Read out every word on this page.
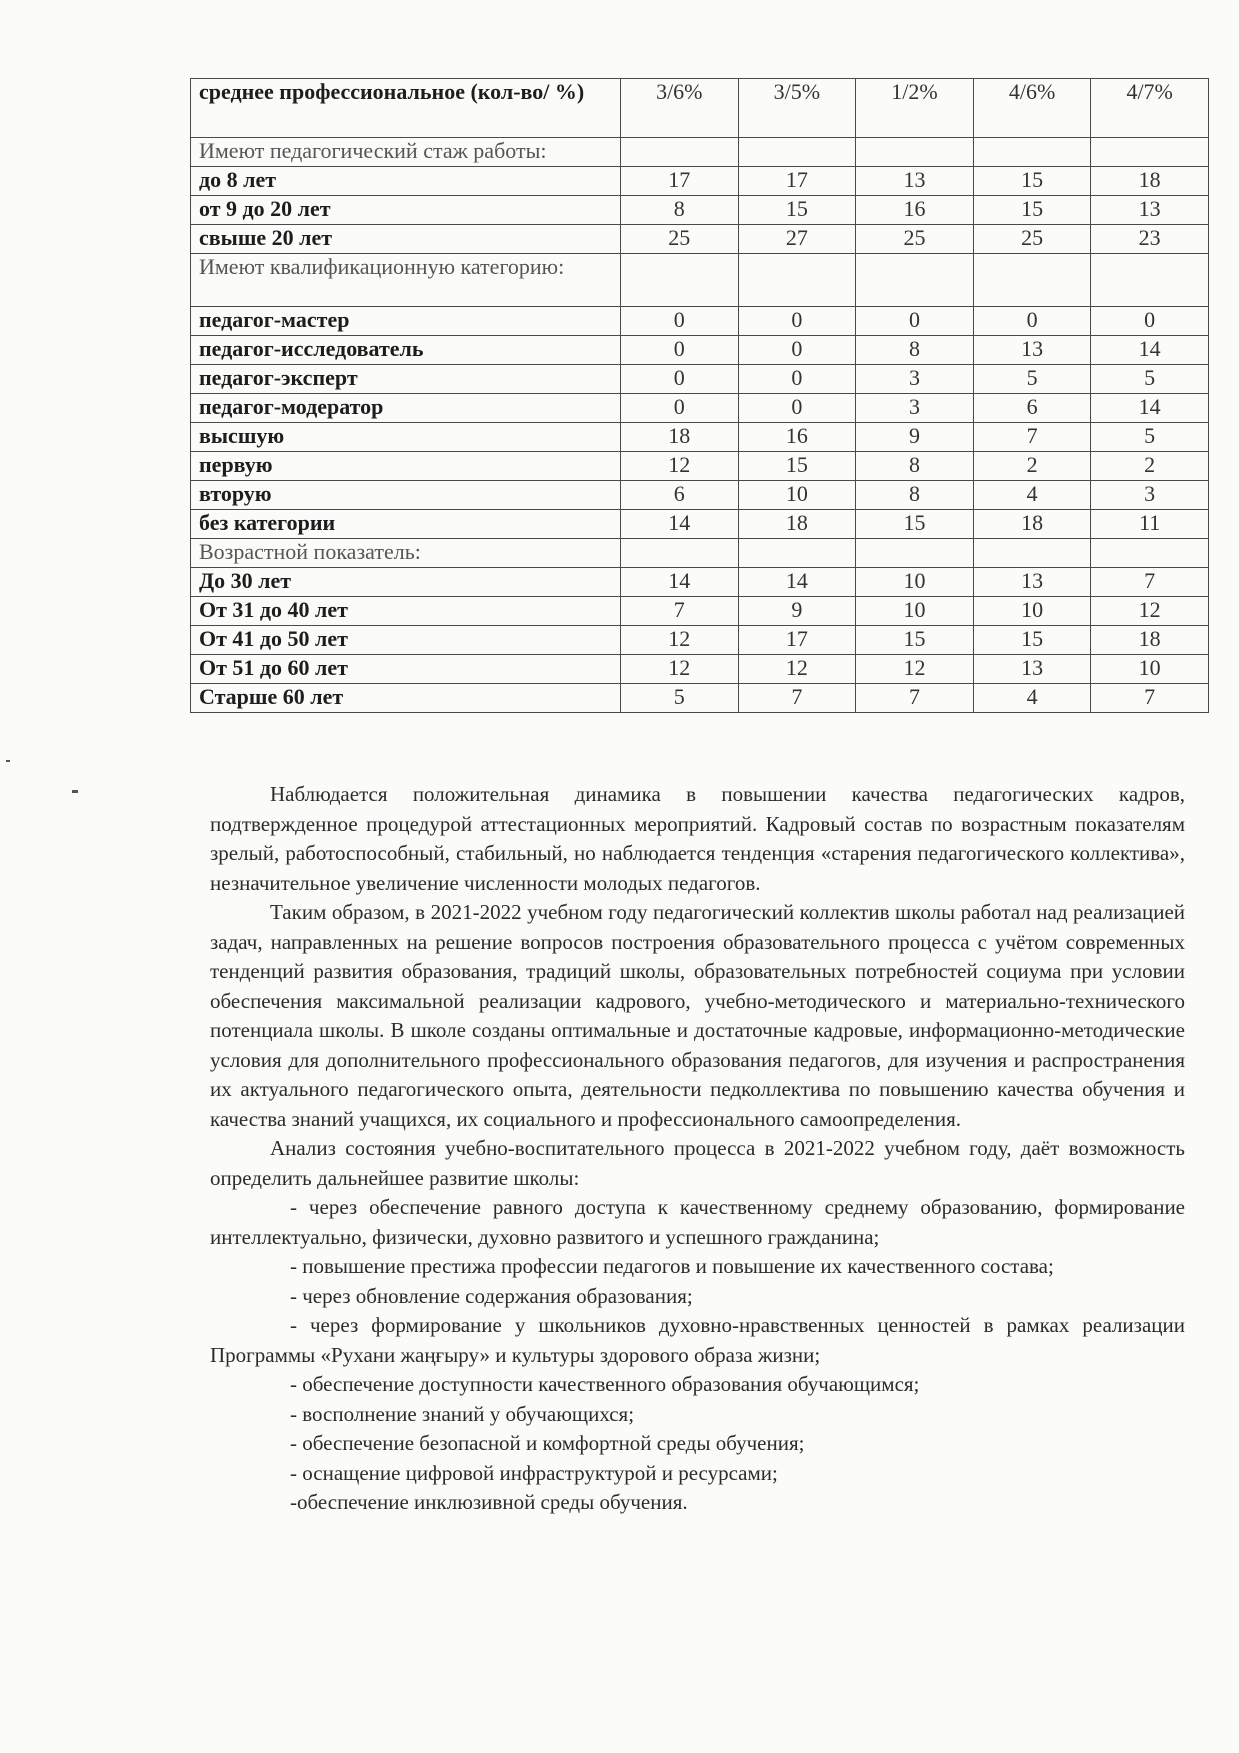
среднее профессиональное (кол-во/ %)	3/6%	3/5%	1/2%	4/6%	4/7%
Имеют педагогический стаж работы:					
до 8 лет	17	17	13	15	18
от 9 до 20 лет	8	15	16	15	13
свыше 20 лет	25	27	25	25	23
Имеют квалификационную категорию:					
педагог-мастер	0	0	0	0	0
педагог-исследователь	0	0	8	13	14
педагог-эксперт	0	0	3	5	5
педагог-модератор	0	0	3	6	14
высшую	18	16	9	7	5
первую	12	15	8	2	2
вторую	6	10	8	4	3
без категории	14	18	15	18	11
Возрастной показатель:					
До 30 лет	14	14	10	13	7
От 31 до 40 лет	7	9	10	10	12
От 41 до 50 лет	12	17	15	15	18
От 51 до 60 лет	12	12	12	13	10
Старше 60 лет	5	7	7	4	7

Наблюдается положительная динамика в повышении качества педагогических кадров, подтвержденное процедурой аттестационных мероприятий. Кадровый состав по возрастным показателям зрелый, работоспособный, стабильный, но наблюдается тенденция «старения педагогического коллектива», незначительное увеличение численности молодых педагогов.

Таким образом, в 2021-2022 учебном году педагогический коллектив школы работал над реализацией задач, направленных на решение вопросов построения образовательного процесса с учётом современных тенденций развития образования, традиций школы, образовательных потребностей социума при условии обеспечения максимальной реализации кадрового, учебно-методического и материально-технического потенциала школы. В школе созданы оптимальные и достаточные кадровые, информационно-методические условия для дополнительного профессионального образования педагогов, для изучения и распространения их актуального педагогического опыта, деятельности педколлектива по повышению качества обучения и качества знаний учащихся, их социального и профессионального самоопределения.

Анализ состояния учебно-воспитательного процесса в 2021-2022 учебном году, даёт возможность определить дальнейшее развитие школы:

- через обеспечение равного доступа к качественному среднему образованию, формирование интеллектуально, физически, духовно развитого и успешного гражданина;

- повышение престижа профессии педагогов и повышение их качественного состава;

- через обновление содержания образования;

- через формирование у школьников духовно-нравственных ценностей в рамках реализации Программы «Рухани жаңғыру» и культуры здорового образа жизни;

- обеспечение доступности качественного образования обучающимся;

- восполнение знаний у обучающихся;

- обеспечение безопасной и комфортной среды обучения;

- оснащение цифровой инфраструктурой и ресурсами;

-обеспечение инклюзивной среды обучения.
